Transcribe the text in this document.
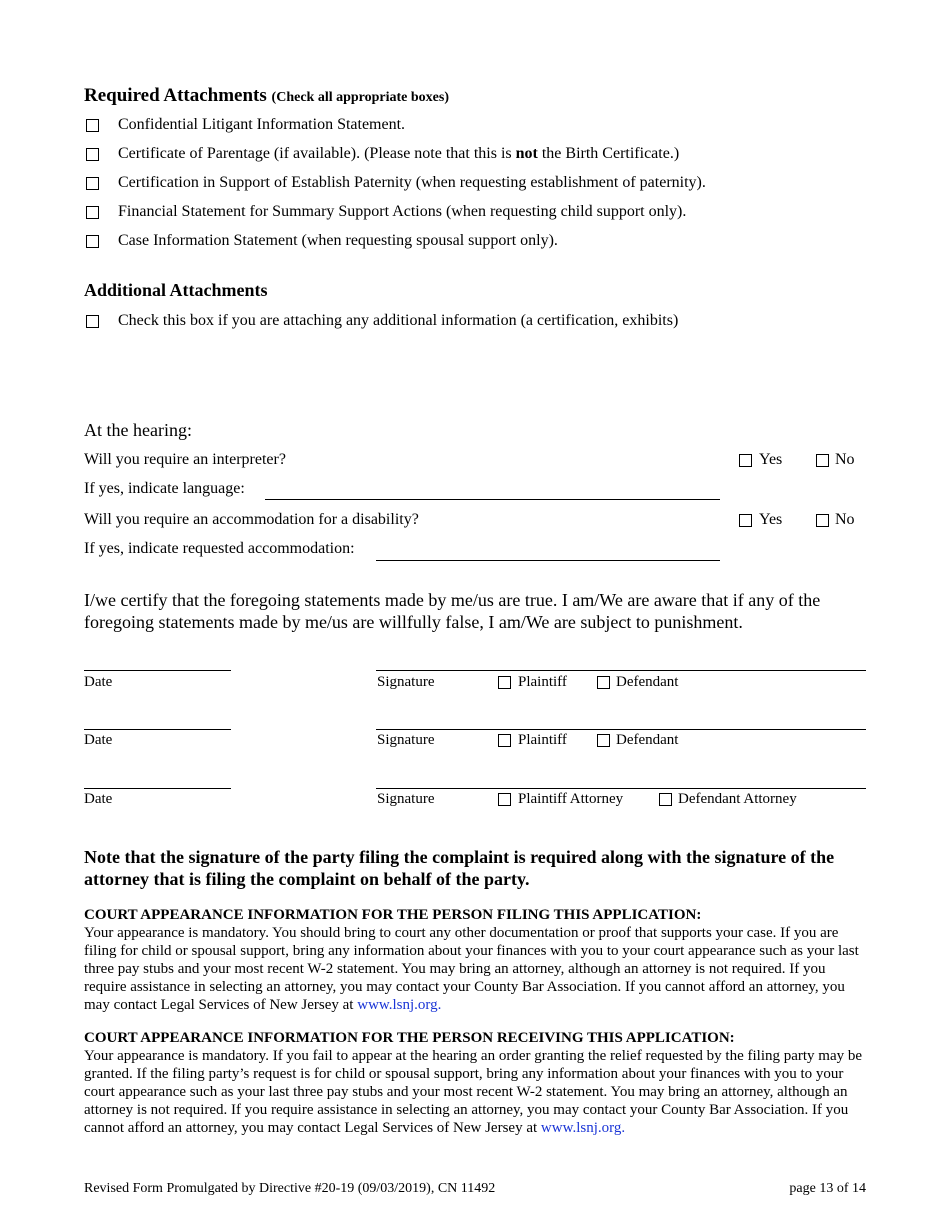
Required Attachments (Check all appropriate boxes)
Confidential Litigant Information Statement.
Certificate of Parentage (if available). (Please note that this is not the Birth Certificate.)
Certification in Support of Establish Paternity (when requesting establishment of paternity).
Financial Statement for Summary Support Actions (when requesting child support only).
Case Information Statement (when requesting spousal support only).
Additional Attachments
Check this box if you are attaching any additional information (a certification, exhibits)
At the hearing:
Will you require an interpreter?	Yes	No
If yes, indicate language:
Will you require an accommodation for a disability?	Yes	No
If yes, indicate requested accommodation:
I/we certify that the foregoing statements made by me/us are true. I am/We are aware that if any of the foregoing statements made by me/us are willfully false, I am/We are subject to punishment.
Date	Signature	Plaintiff	Defendant
Date	Signature	Plaintiff	Defendant
Date	Signature	Plaintiff Attorney	Defendant Attorney
Note that the signature of the party filing the complaint is required along with the signature of the attorney that is filing the complaint on behalf of the party.
COURT APPEARANCE INFORMATION FOR THE PERSON FILING THIS APPLICATION:
Your appearance is mandatory. You should bring to court any other documentation or proof that supports your case. If you are filing for child or spousal support, bring any information about your finances with you to your court appearance such as your last three pay stubs and your most recent W-2 statement. You may bring an attorney, although an attorney is not required. If you require assistance in selecting an attorney, you may contact your County Bar Association. If you cannot afford an attorney, you may contact Legal Services of New Jersey at www.lsnj.org.
COURT APPEARANCE INFORMATION FOR THE PERSON RECEIVING THIS APPLICATION:
Your appearance is mandatory. If you fail to appear at the hearing an order granting the relief requested by the filing party may be granted. If the filing party’s request is for child or spousal support, bring any information about your finances with you to your court appearance such as your last three pay stubs and your most recent W-2 statement. You may bring an attorney, although an attorney is not required. If you require assistance in selecting an attorney, you may contact your County Bar Association. If you cannot afford an attorney, you may contact Legal Services of New Jersey at www.lsnj.org.
Revised Form Promulgated by Directive #20-19 (09/03/2019), CN 11492	page 13 of 14
